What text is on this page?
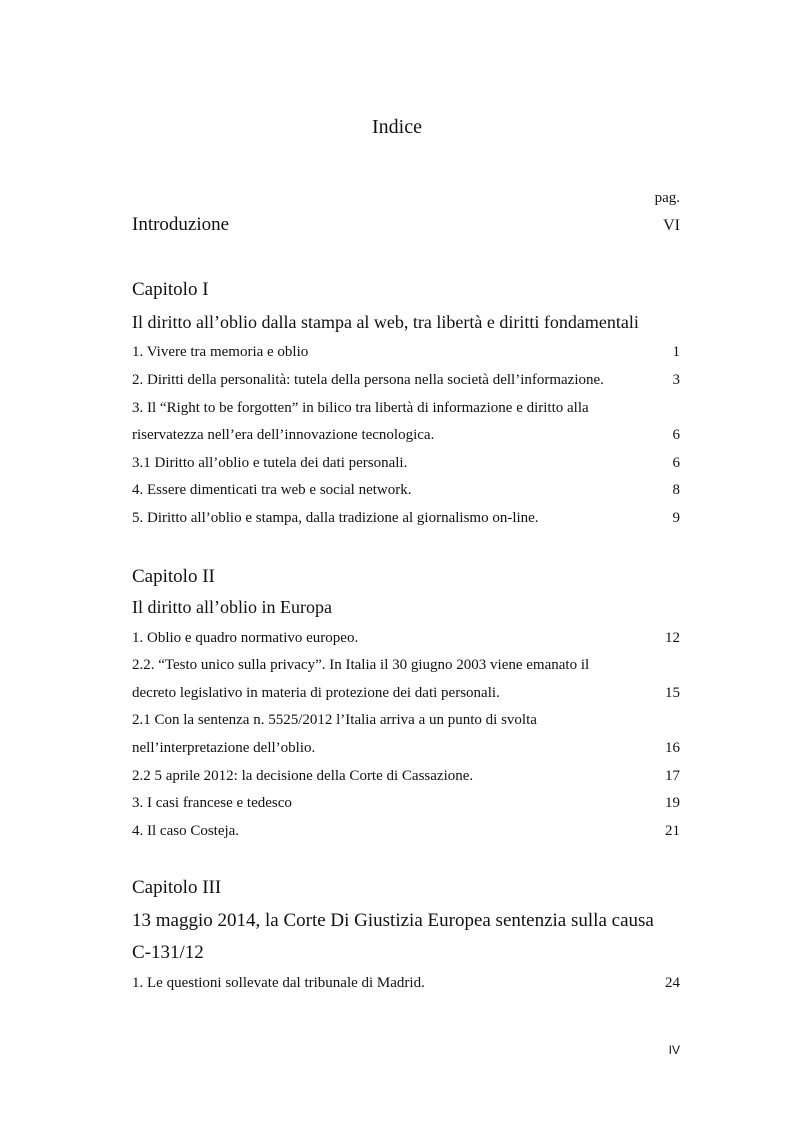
Indice
pag.
Introduzione	VI
Capitolo I
Il diritto all’oblio dalla stampa al web, tra libertà e diritti fondamentali
1. Vivere tra memoria e oblio	1
2. Diritti della personalità: tutela della persona nella società dell’informazione.	3
3. Il “Right to be forgotten” in bilico tra libertà di informazione e diritto alla
riservatezza nell’era dell’innovazione tecnologica.	6
3.1 Diritto all’oblio e tutela dei dati personali.	6
4. Essere dimenticati tra web e social network.	8
5. Diritto all’oblio e stampa, dalla tradizione al giornalismo on-line.	9
Capitolo II
Il diritto all’oblio in Europa
1. Oblio e quadro normativo europeo.	12
2.2. “Testo unico sulla privacy”. In Italia il 30 giugno 2003 viene emanato il
decreto legislativo in materia di protezione dei dati personali.	15
2.1 Con la sentenza n. 5525/2012 l’Italia arriva a un punto di svolta
nell’interpretazione dell’oblio.	16
2.2 5 aprile 2012: la decisione della Corte di Cassazione.	17
3. I casi francese e tedesco	19
4. Il caso Costeja.	21
Capitolo III
13 maggio 2014, la Corte Di Giustizia Europea sentenzia sulla causa
C-131/12
1. Le questioni sollevate dal tribunale di Madrid.	24
IV
